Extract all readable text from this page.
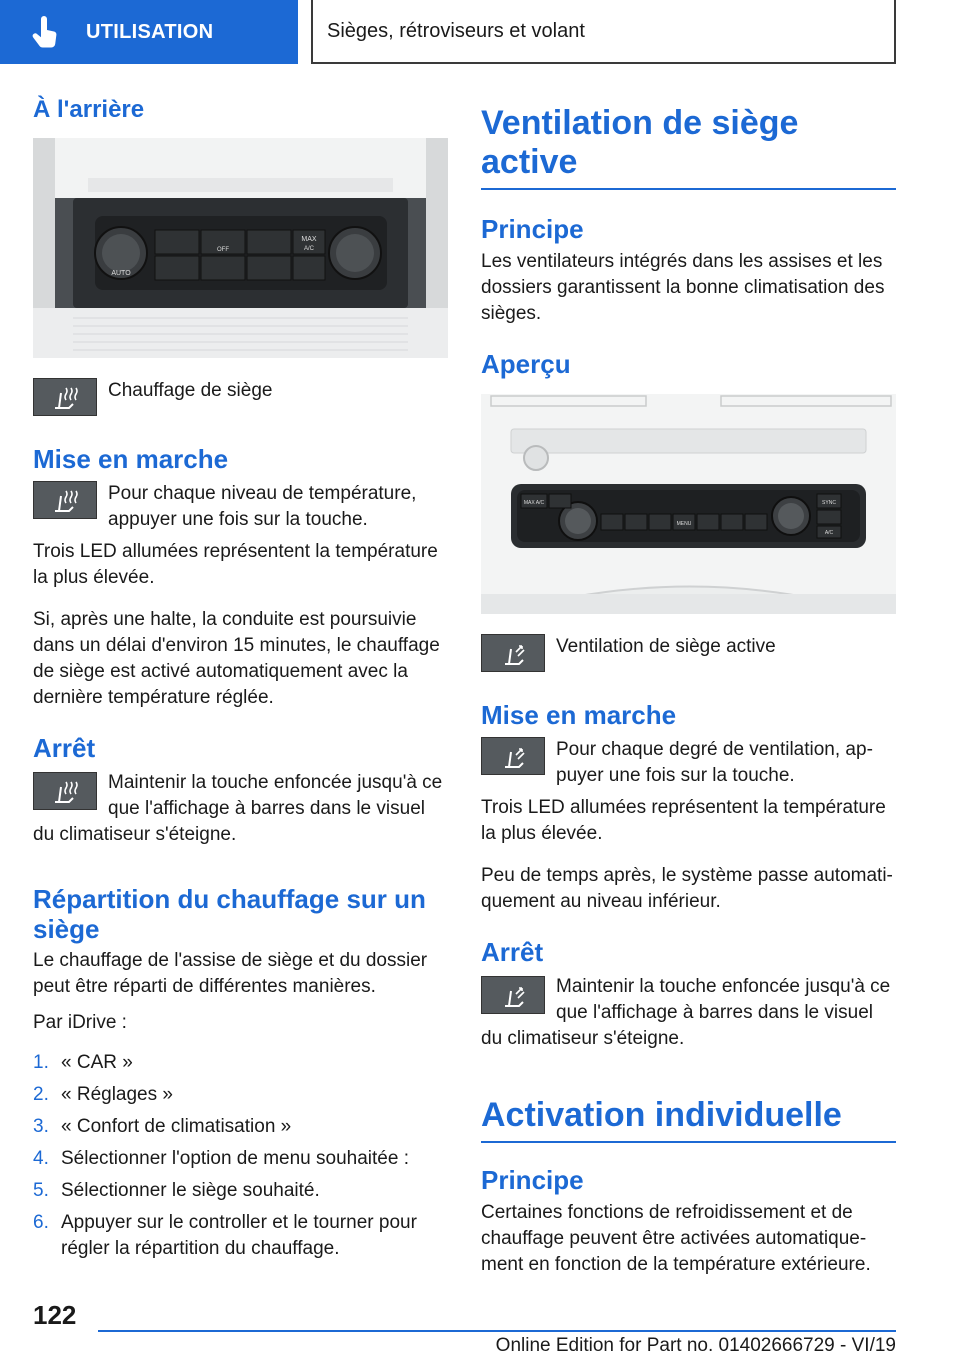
UTILISATION	Sièges, rétroviseurs et volant
À l'arrière
AUTO
OFF
MAX
A/C

Chauffage de siège

Mise en marche

Pour chaque niveau de température, appuyer une fois sur la touche.

Trois LED allumées représentent la température la plus élevée.

Si, après une halte, la conduite est poursuivie dans un délai d'environ 15 minutes, le chauffage de siège est activé automatiquement avec la dernière température réglée.

Arrêt

Maintenir la touche enfoncée jusqu'à ce que l'affichage à barres dans le visuel du climatiseur s'éteigne.

Répartition du chauffage sur un siège

Le chauffage de l'assise de siège et du dossier peut être réparti de différentes manières.

Par iDrive :

1. « CAR »
2. « Réglages »
3. « Confort de climatisation »
4. Sélectionner l'option de menu souhaitée :
5. Sélectionner le siège souhaité.
6. Appuyer sur le controller et le tourner pour régler la répartition du chauffage.
Ventilation de siège active
Principe

Les ventilateurs intégrés dans les assises et les dossiers garantissent la bonne climatisation des sièges.

Aperçu
MAX A/C	SYNC
MENU
A/C

Ventilation de siège active

Mise en marche

Pour chaque degré de ventilation, appuyer une fois sur la touche.

Trois LED allumées représentent la température la plus élevée.

Peu de temps après, le système passe automatiquement au niveau inférieur.

Arrêt

Maintenir la touche enfoncée jusqu'à ce que l'affichage à barres dans le visuel du climatiseur s'éteigne.

Activation individuelle
Principe

Certaines fonctions de refroidissement et de chauffage peuvent être activées automatiquement en fonction de la température extérieure.

122
Online Edition for Part no. 01402666729 - VI/19
